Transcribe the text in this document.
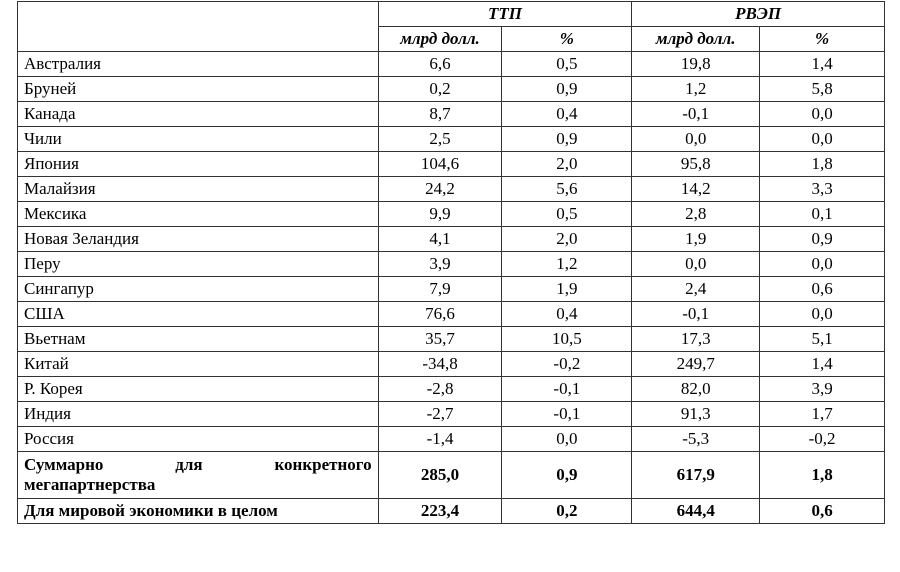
	ТТП		РВЭП	
	млрд долл.	%	млрд долл.	%
Австралия	6,6	0,5	19,8	1,4
Бруней	0,2	0,9	1,2	5,8
Канада	8,7	0,4	-0,1	0,0
Чили	2,5	0,9	0,0	0,0
Япония	104,6	2,0	95,8	1,8
Малайзия	24,2	5,6	14,2	3,3
Мексика	9,9	0,5	2,8	0,1
Новая Зеландия	4,1	2,0	1,9	0,9
Перу	3,9	1,2	0,0	0,0
Сингапур	7,9	1,9	2,4	0,6
США	76,6	0,4	-0,1	0,0
Вьетнам	35,7	10,5	17,3	5,1
Китай	-34,8	-0,2	249,7	1,4
Р. Корея	-2,8	-0,1	82,0	3,9
Индия	-2,7	-0,1	91,3	1,7
Россия	-1,4	0,0	-5,3	-0,2
Суммарно для конкретного мегапартнерства	285,0	0,9	617,9	1,8
Для мировой экономики в целом	223,4	0,2	644,4	0,6
